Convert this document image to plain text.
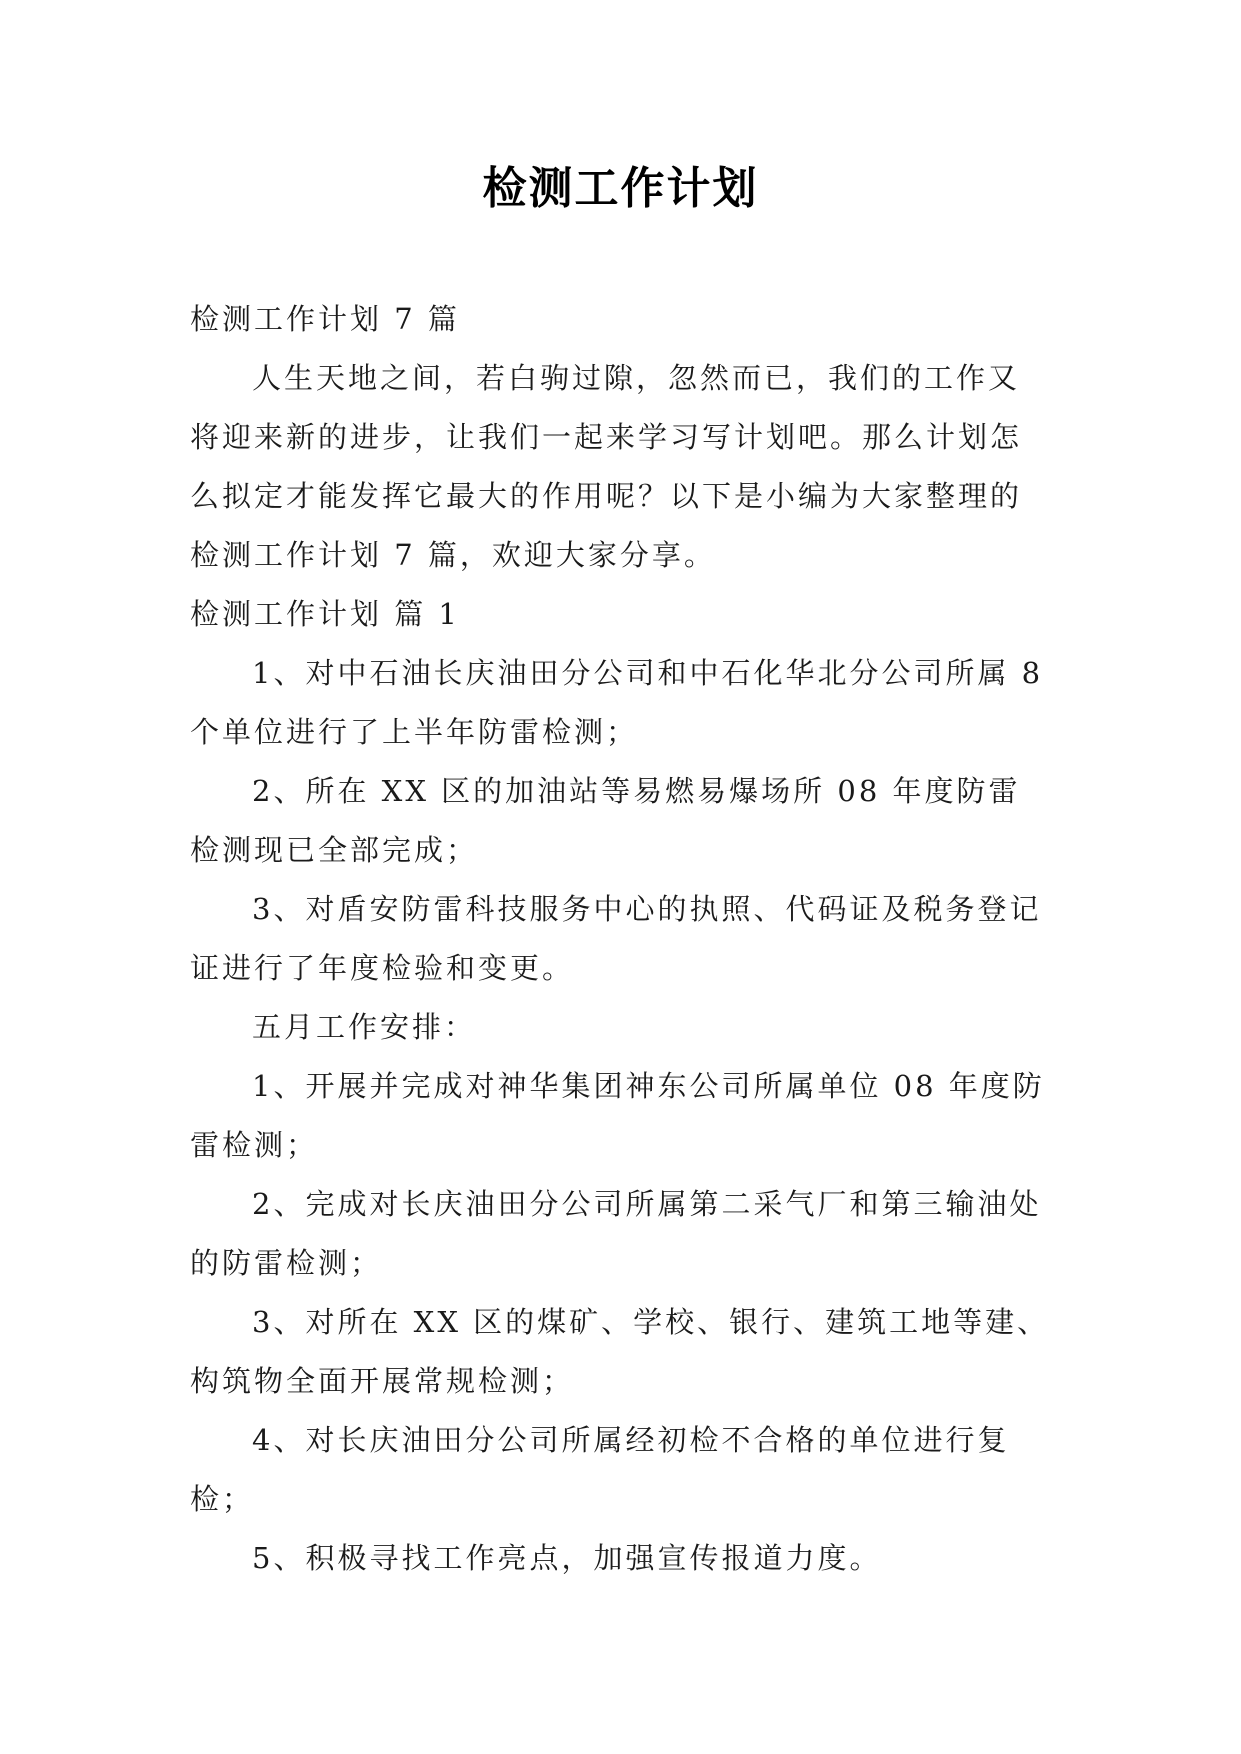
检测工作计划

检测工作计划 7 篇

人生天地之间，若白驹过隙，忽然而已，我们的工作又将迎来新的进步，让我们一起来学习写计划吧。那么计划怎么拟定才能发挥它最大的作用呢？以下是小编为大家整理的检测工作计划 7 篇，欢迎大家分享。

检测工作计划 篇 1

1、对中石油长庆油田分公司和中石化华北分公司所属 8 个单位进行了上半年防雷检测；

2、所在 XX 区的加油站等易燃易爆场所 08 年度防雷检测现已全部完成；

3、对盾安防雷科技服务中心的执照、代码证及税务登记证进行了年度检验和变更。

五月工作安排：

1、开展并完成对神华集团神东公司所属单位 08 年度防雷检测；

2、完成对长庆油田分公司所属第二采气厂和第三输油处的防雷检测；

3、对所在 XX 区的煤矿、学校、银行、建筑工地等建、构筑物全面开展常规检测；

4、对长庆油田分公司所属经初检不合格的单位进行复检；

5、积极寻找工作亮点，加强宣传报道力度。
